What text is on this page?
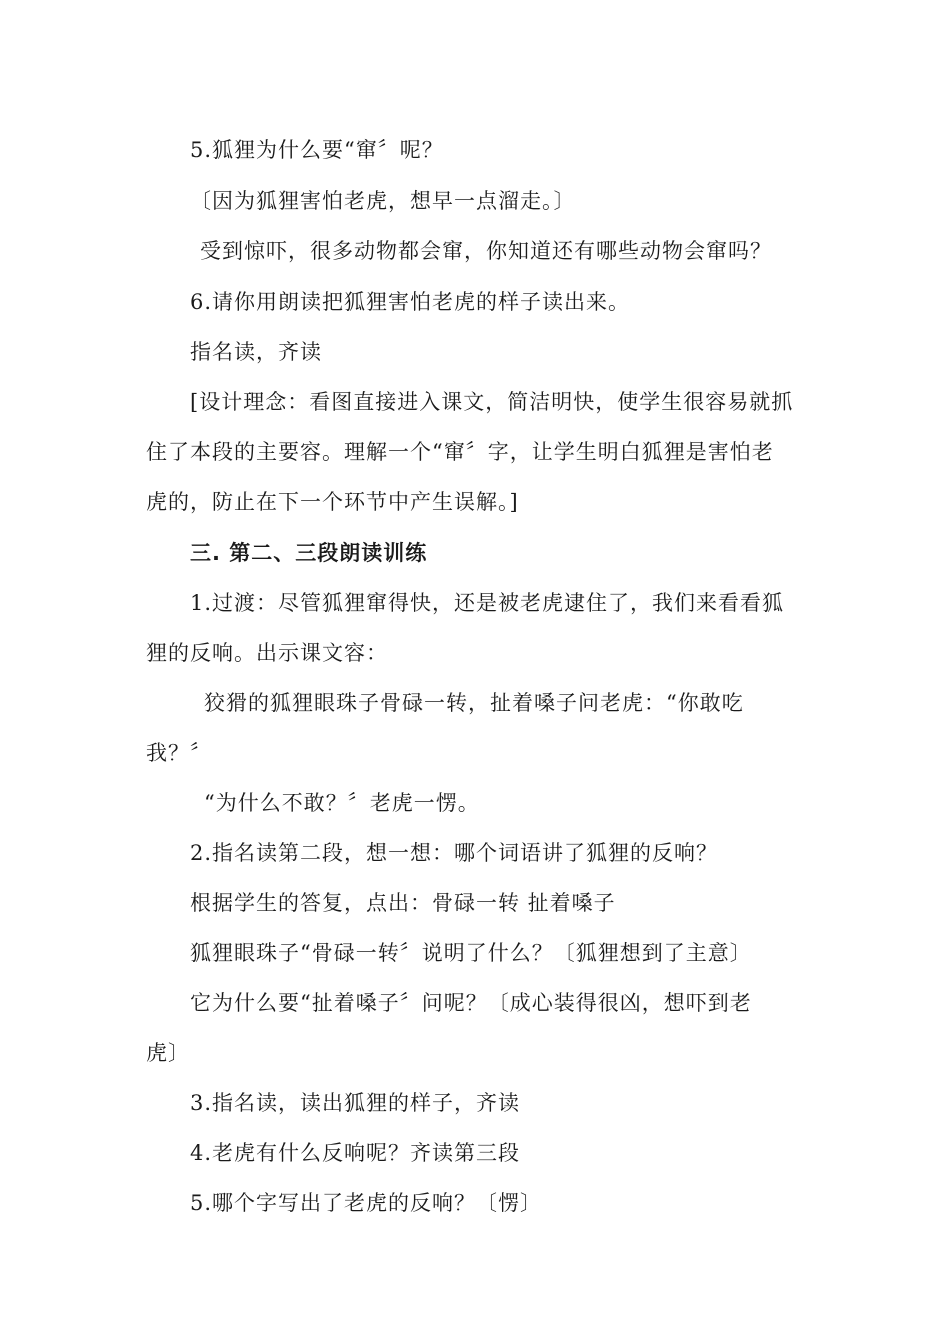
5.狐狸为什么要“窜〞呢？
〔因为狐狸害怕老虎，想早一点溜走。〕
受到惊吓，很多动物都会窜，你知道还有哪些动物会窜吗？
6.请你用朗读把狐狸害怕老虎的样子读出来。
指名读，齐读
[设计理念：看图直接进入课文，简洁明快，使学生很容易就抓
住了本段的主要容。理解一个“窜〞字，让学生明白狐狸是害怕老
虎的，防止在下一个环节中产生误解。]
三. 第二、三段朗读训练
1.过渡：尽管狐狸窜得快，还是被老虎逮住了，我们来看看狐
狸的反响。出示课文容：
狡猾的狐狸眼珠子骨碌一转，扯着嗓子问老虎：“你敢吃
我？〞
“为什么不敢？〞老虎一愣。
2.指名读第二段，想一想：哪个词语讲了狐狸的反响？
根据学生的答复，点出：骨碌一转 扯着嗓子
狐狸眼珠子“骨碌一转〞说明了什么？〔狐狸想到了主意〕
它为什么要“扯着嗓子〞问呢？〔成心装得很凶，想吓到老
虎〕
3.指名读，读出狐狸的样子，齐读
4.老虎有什么反响呢？齐读第三段
5.哪个字写出了老虎的反响？〔愣〕
